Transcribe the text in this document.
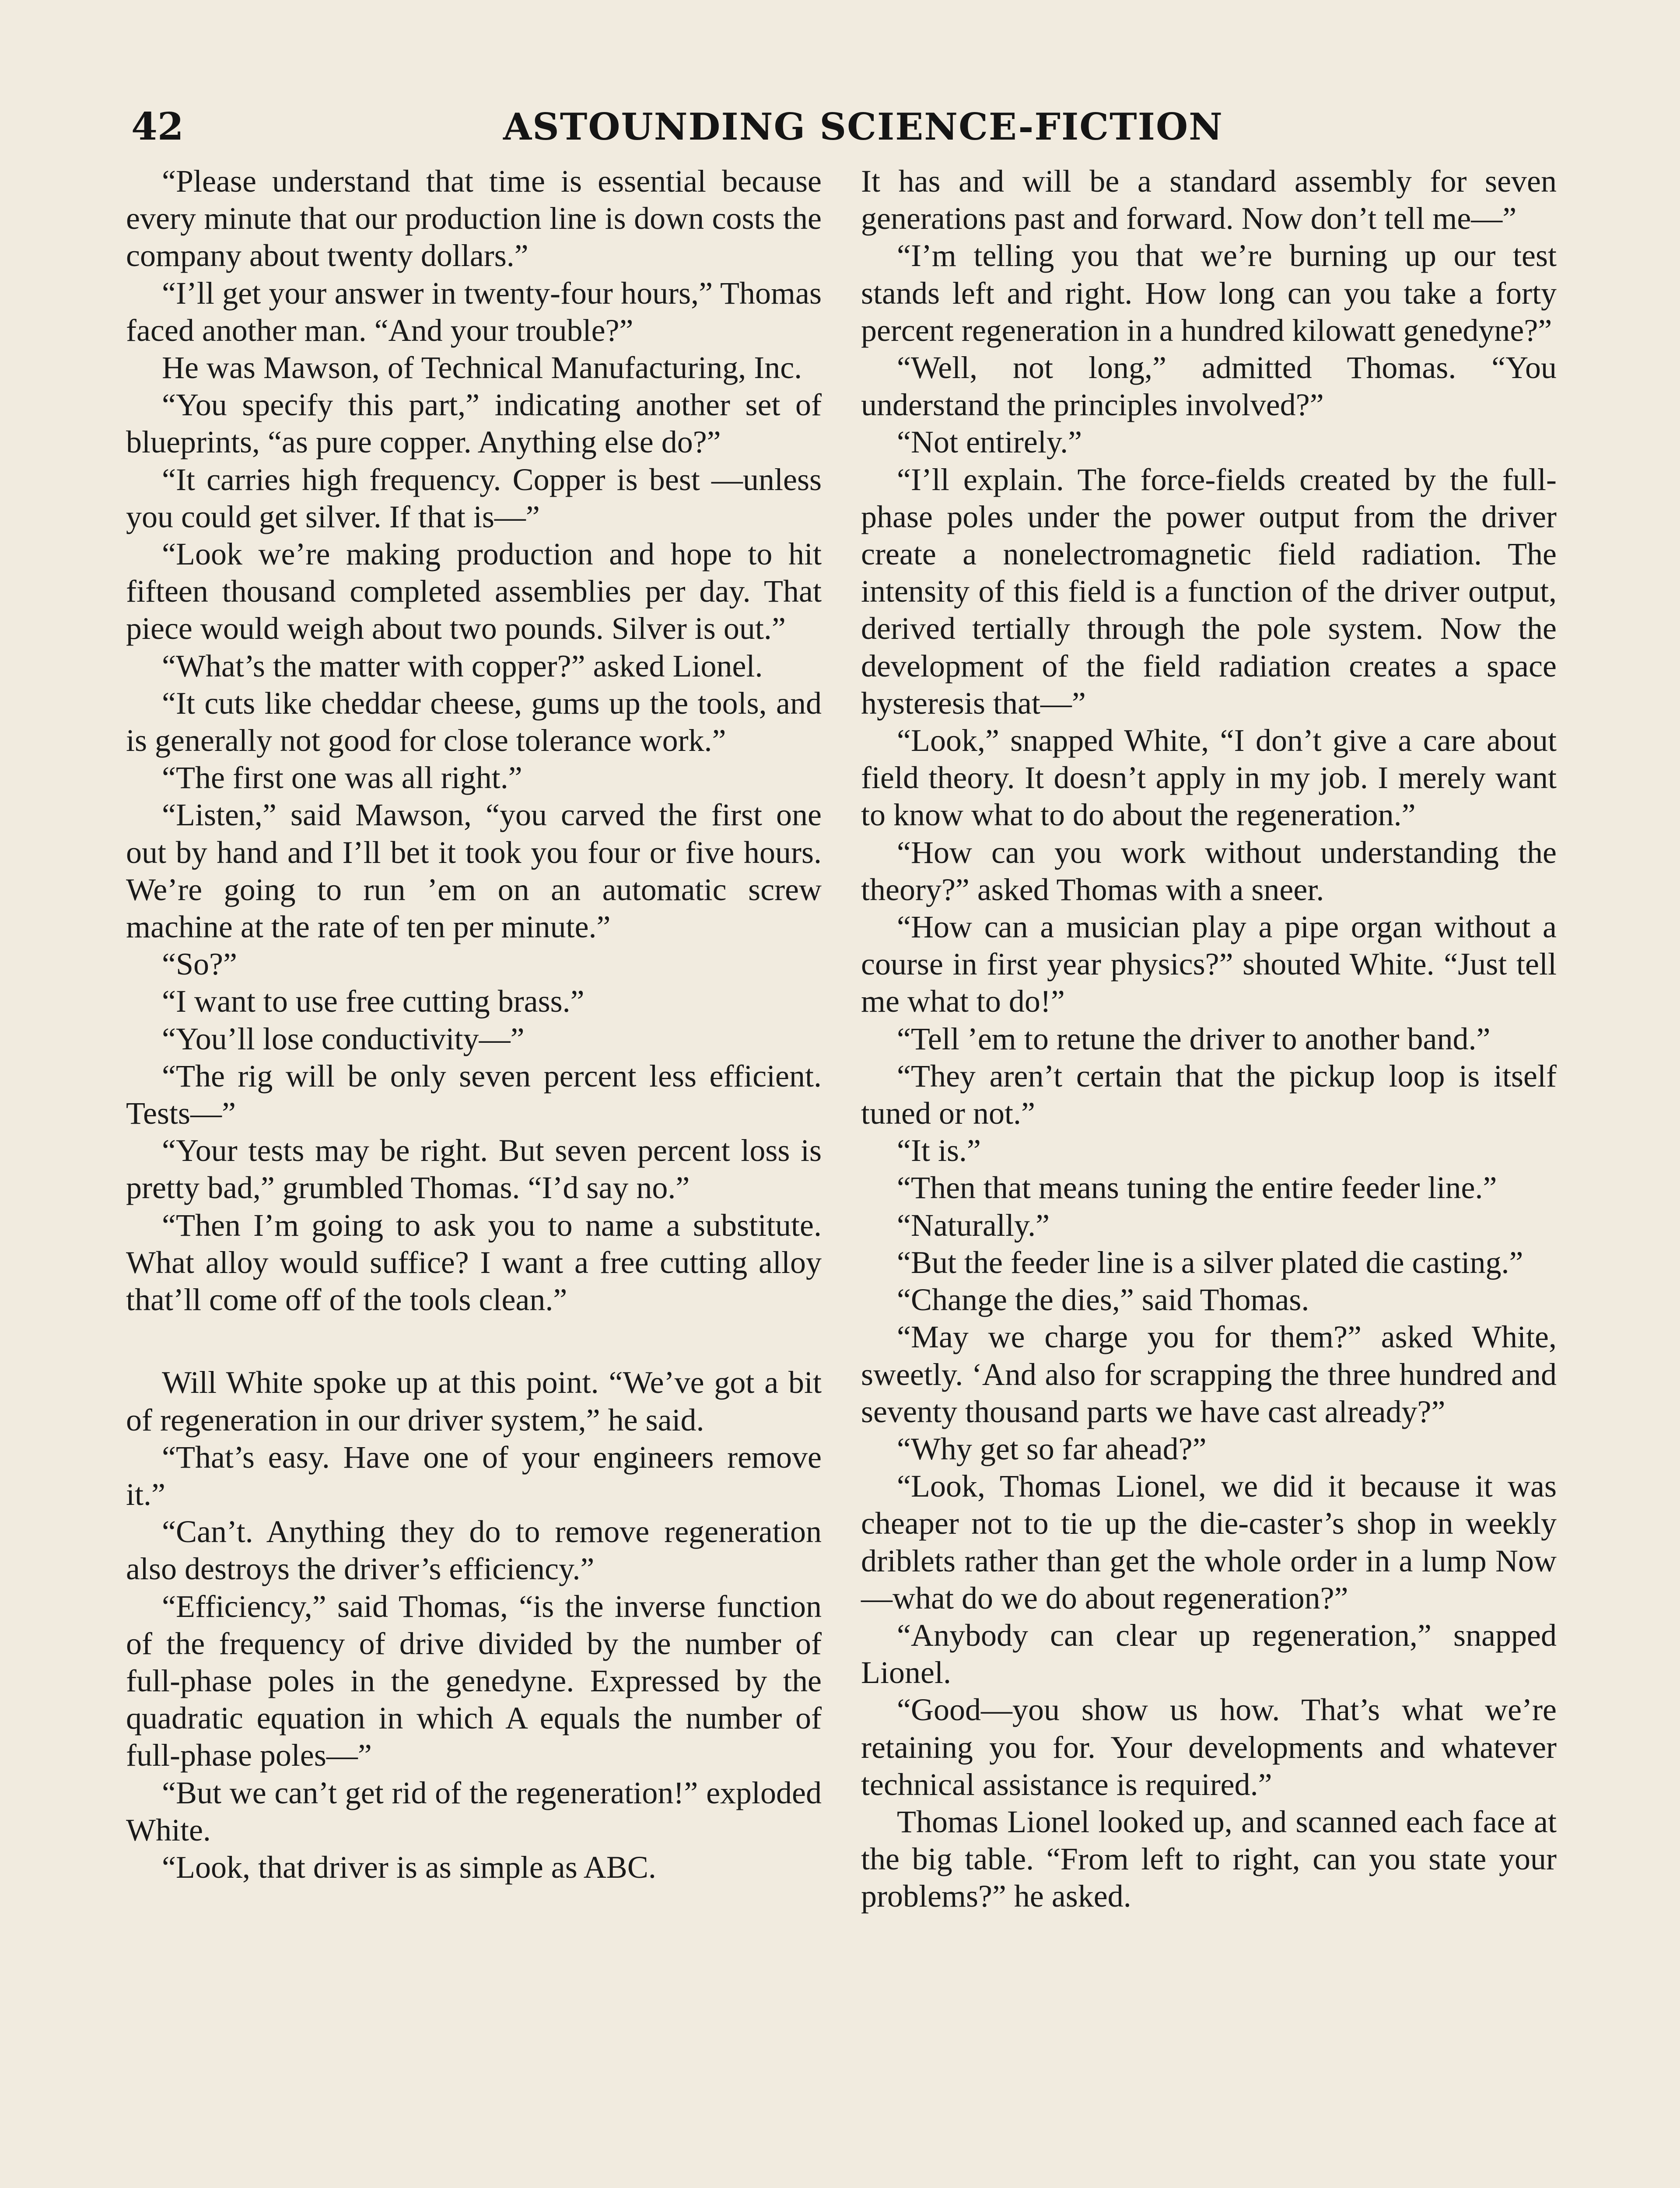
42	ASTOUNDING SCIENCE-FICTION

“Please understand that time is essential because every minute that our production line is down costs the company about twenty dollars.”

“I’ll get your answer in twenty-four hours,” Thomas faced another man. “And your trouble?”

He was Mawson, of Technical Manufacturing, Inc.

“You specify this part,” indicating another set of blueprints, “as pure copper. Anything else do?”

“It carries high frequency. Copper is best —unless you could get silver. If that is—”

“Look we’re making production and hope to hit fifteen thousand completed assemblies per day. That piece would weigh about two pounds. Silver is out.”

“What’s the matter with copper?” asked Lionel.

“It cuts like cheddar cheese, gums up the tools, and is generally not good for close tolerance work.”

“The first one was all right.”

“Listen,” said Mawson, “you carved the first one out by hand and I’ll bet it took you four or five hours. We’re going to run ’em on an automatic screw machine at the rate of ten per minute.”

“So?”

“I want to use free cutting brass.”

“You’ll lose conductivity—”

“The rig will be only seven percent less efficient. Tests—”

“Your tests may be right. But seven percent loss is pretty bad,” grumbled Thomas. “I’d say no.”

“Then I’m going to ask you to name a substitute. What alloy would suffice? I want a free cutting alloy that’ll come off of the tools clean.”

Will White spoke up at this point. “We’ve got a bit of regeneration in our driver system,” he said.

“That’s easy. Have one of your engineers remove it.”

“Can’t. Anything they do to remove regeneration also destroys the driver’s efficiency.”

“Efficiency,” said Thomas, “is the inverse function of the frequency of drive divided by the number of full-phase poles in the genedyne. Expressed by the quadratic equation in which A equals the number of full-phase poles—”

“But we can’t get rid of the regeneration!” exploded White.

“Look, that driver is as simple as ABC.

It has and will be a standard assembly for seven generations past and forward. Now don’t tell me—”

“I’m telling you that we’re burning up our test stands left and right. How long can you take a forty percent regeneration in a hundred kilowatt genedyne?”

“Well, not long,” admitted Thomas. “You understand the principles involved?”

“Not entirely.”

“I’ll explain. The force-fields created by the full-phase poles under the power output from the driver create a nonelectromagnetic field radiation. The intensity of this field is a function of the driver output, derived tertially through the pole system. Now the development of the field radiation creates a space hysteresis that—”

“Look,” snapped White, “I don’t give a care about field theory. It doesn’t apply in my job. I merely want to know what to do about the regeneration.”

“How can you work without understanding the theory?” asked Thomas with a sneer.

“How can a musician play a pipe organ without a course in first year physics?” shouted White. “Just tell me what to do!”

“Tell ’em to retune the driver to another band.”

“They aren’t certain that the pickup loop is itself tuned or not.”

“It is.”

“Then that means tuning the entire feeder line.”

“Naturally.”

“But the feeder line is a silver plated die casting.”

“Change the dies,” said Thomas.

“May we charge you for them?” asked White, sweetly. ‘And also for scrapping the three hundred and seventy thousand parts we have cast already?”

“Why get so far ahead?”

“Look, Thomas Lionel, we did it because it was cheaper not to tie up the die-caster’s shop in weekly driblets rather than get the whole order in a lump Now—what do we do about regeneration?”

“Anybody can clear up regeneration,” snapped Lionel.

“Good—you show us how. That’s what we’re retaining you for. Your developments and whatever technical assistance is required.”

Thomas Lionel looked up, and scanned each face at the big table. “From left to right, can you state your problems?” he asked.
